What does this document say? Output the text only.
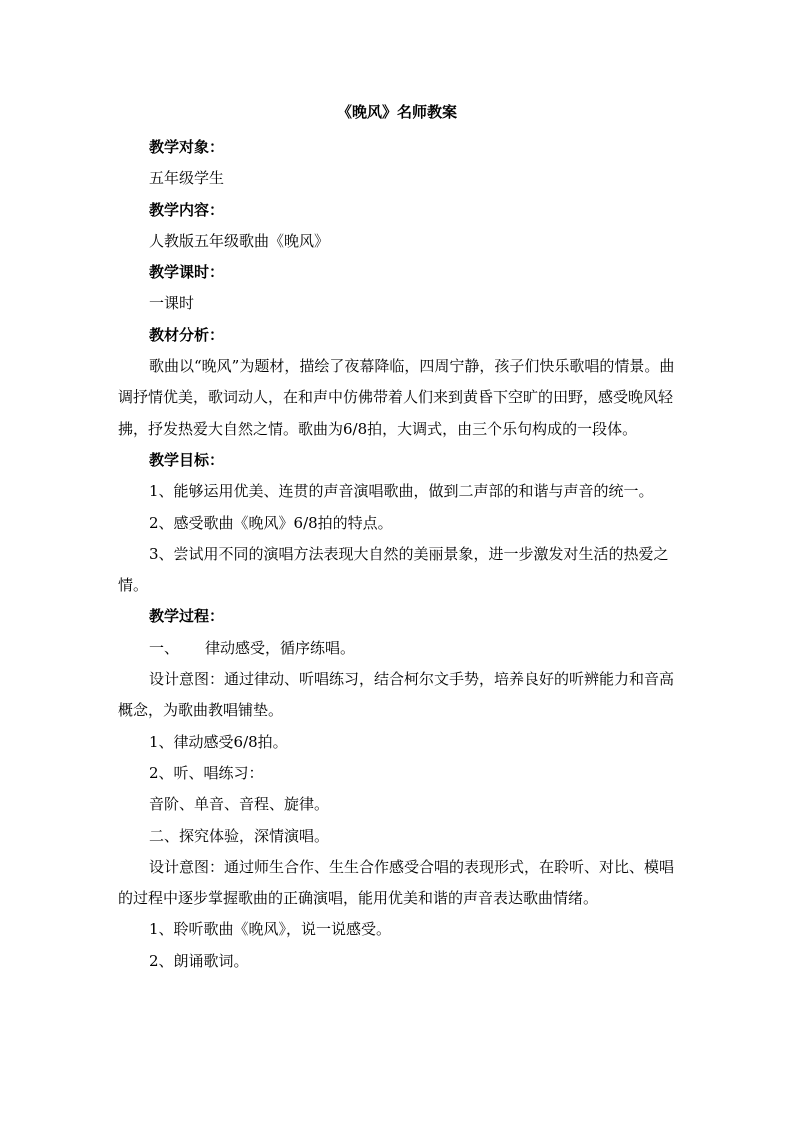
《晚风》名师教案
教学对象：
五年级学生
教学内容：
人教版五年级歌曲《晚风》
教学课时：
一课时
教材分析：
歌曲以“晚风”为题材，描绘了夜幕降临，四周宁静，孩子们快乐歌唱的情景。曲调抒情优美，歌词动人，在和声中仿佛带着人们来到黄昏下空旷的田野，感受晚风轻拂，抒发热爱大自然之情。歌曲为6/8拍，大调式，由三个乐句构成的一段体。
教学目标：
1、能够运用优美、连贯的声音演唱歌曲，做到二声部的和谐与声音的统一。
2、感受歌曲《晚风》6/8拍的特点。
3、尝试用不同的演唱方法表现大自然的美丽景象，进一步激发对生活的热爱之情。
教学过程：
一、 律动感受，循序练唱。
设计意图：通过律动、听唱练习，结合柯尔文手势，培养良好的听辨能力和音高概念，为歌曲教唱铺垫。
1、律动感受6/8拍。
2、听、唱练习：
音阶、单音、音程、旋律。
二、探究体验，深情演唱。
设计意图：通过师生合作、生生合作感受合唱的表现形式，在聆听、对比、模唱的过程中逐步掌握歌曲的正确演唱，能用优美和谐的声音表达歌曲情绪。
1、聆听歌曲《晚风》，说一说感受。
2、朗诵歌词。
